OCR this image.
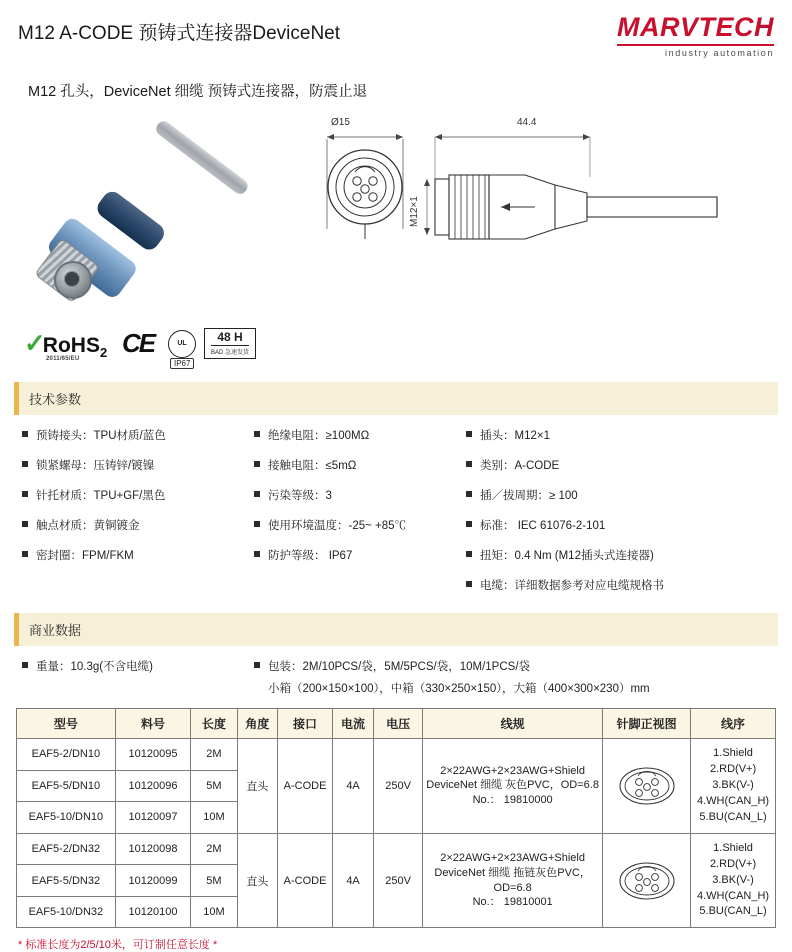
M12 A-CODE 预铸式连接器DeviceNet	MARVTECH
industry automation
M12 孔头，DeviceNet 细缆 预铸式连接器，防震止退
Ø15	44.4
M12×1
✓RoHS$_2$
2011/65/EU
CE	UL
IP67
48 H
BAD 急速发货
技术参数
预铸接头：TPU材质/蓝色
锁紧螺母：压铸锌/镀镍
针托材质：TPU+GF/黑色
触点材质：黄铜镀金
密封圈：FPM/FKM
绝缘电阻：≥100MΩ
接触电阻：≤5mΩ
污染等级：3
使用环境温度：-25~ +85℃
防护等级： IP67
插头：M12×1
类别：A-CODE
插／拔周期：≥ 100
标准： IEC 61076-2-101
扭矩：0.4 Nm (M12插头式连接器)
电缆：详细数据参考对应电缆规格书
商业数据
重量：10.3g(不含电缆)	包装：2M/10PCS/袋，5M/5PCS/袋，10M/1PCS/袋
小箱（200×150×100），中箱（330×250×150），大箱（400×300×230）mm
型号	料号	长度	角度	接口	电流	电压	线规	针脚正视图	线序
EAF5-2/DN10	10120095	2M	直头	A-CODE	4A	250V	
2×22AWG+2×23AWG+Shield DeviceNet 细缆 灰色PVC，OD=6.8
No.： 19810000

1.Shield
2.RD(V+)
3.BK(V-)
4.WH(CAN_H)
5.BU(CAN_L)

EAF5-5/DN10	10120096	5M							
EAF5-10/DN10	10120097	10M							
EAF5-2/DN32	10120098	2M	直头	A-CODE	4A	250V	
2×22AWG+2×23AWG+Shield DeviceNet 细缆 拖链灰色PVC，OD=6.8
No.： 19810001

1.Shield
2.RD(V+)
3.BK(V-)
4.WH(CAN_H)
5.BU(CAN_L)

EAF5-5/DN32	10120099	5M							
EAF5-10/DN32	10120100	10M							
* 标准长度为2/5/10米，可订制任意长度 *
